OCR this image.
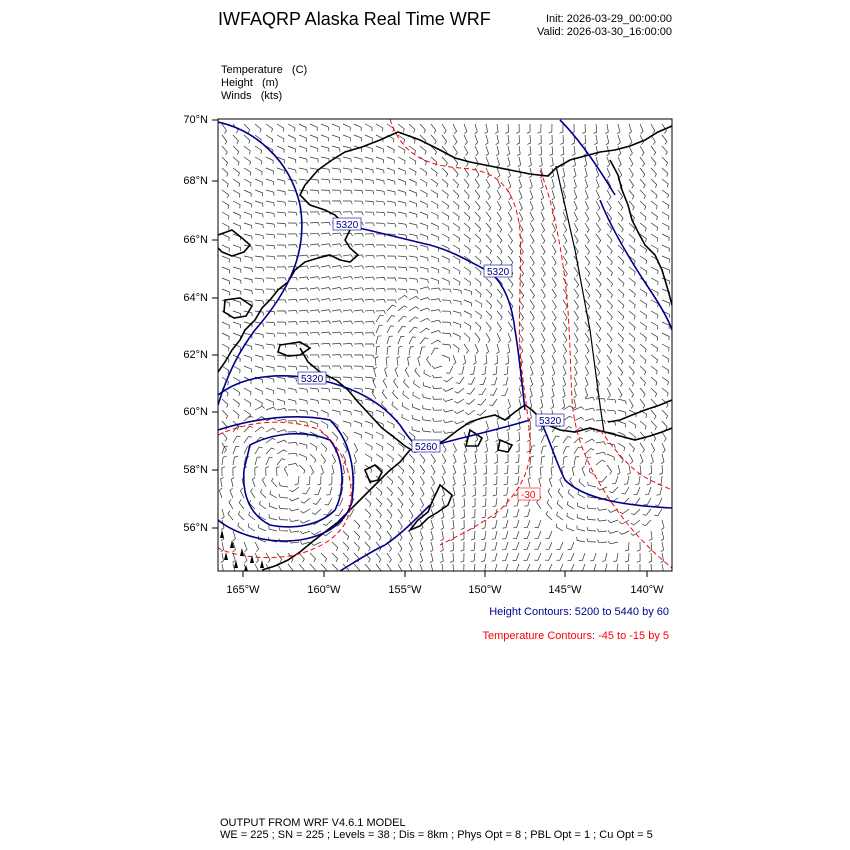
IWFAQRP Alaska Real Time WRF	Init: 2026-03-29_00:00:00
Valid: 2026-03-30_16:00:00
Temperature   (C)
Height   (m)
Winds   (kts)
5320
5320
5320
5320
5260
-30
70°N
68°N
66°N
64°N
62°N
60°N
58°N
56°N
165°W	160°W	155°W	150°W	145°W	140°W
Height Contours: 5200 to 5440 by 60
Temperature Contours: -45 to -15 by 5
OUTPUT FROM WRF V4.6.1 MODEL
WE = 225 ; SN = 225 ; Levels = 38 ; Dis = 8km ; Phys Opt = 8 ; PBL Opt = 1 ; Cu Opt = 5
